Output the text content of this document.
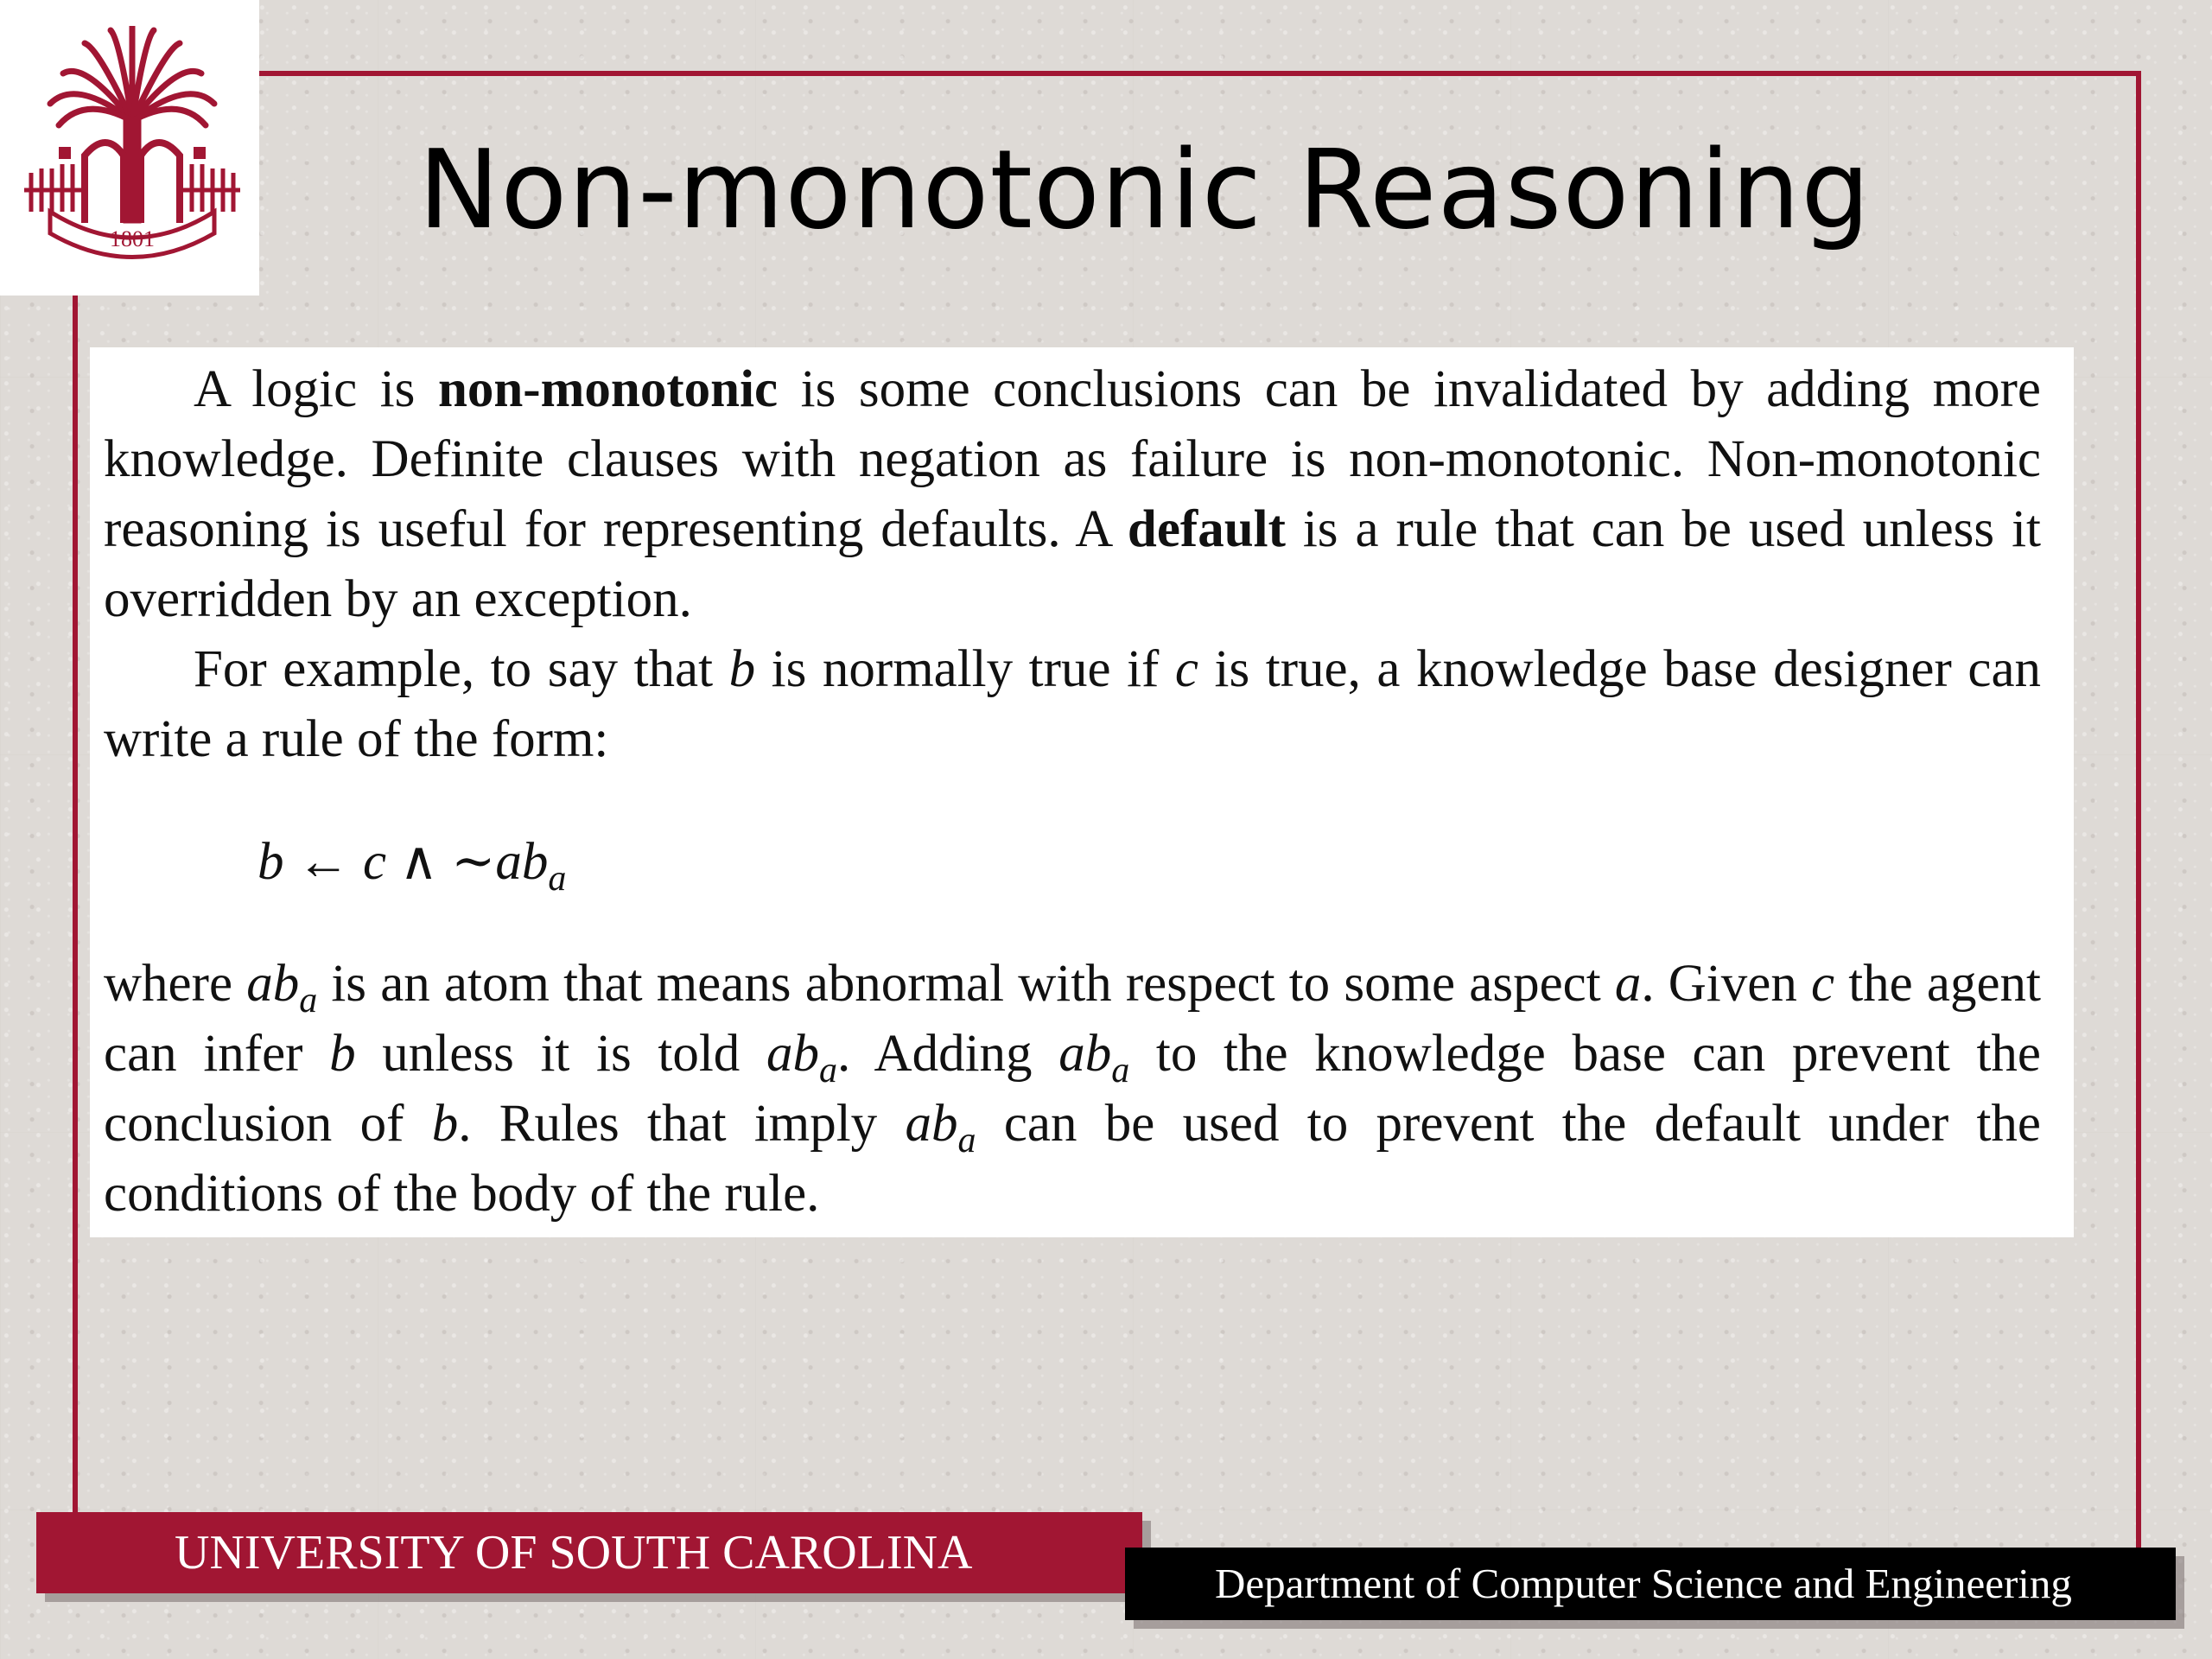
1801 Non-monotonic Reasoning

A logic is non-monotonic is some conclusions can be invalidated by adding more knowledge. Definite clauses with negation as failure is non-monotonic. Non-monotonic reasoning is useful for representing defaults. A default is a rule that can be used unless it overridden by an exception.

For example, to say that b is normally true if c is true, a knowledge base designer can write a rule of the form:

b ← c ∧ $\sim ab_a$

where $ab_a$ is an atom that means abnormal with respect to some aspect a. Given c the agent can infer b unless it is told $ab_a$. Adding $ab_a$ to the knowledge base can prevent the conclusion of b. Rules that imply $ab_a$ can be used to prevent the default under the conditions of the body of the rule.

UNIVERSITY OF SOUTH CAROLINA
Department of Computer Science and Engineering
